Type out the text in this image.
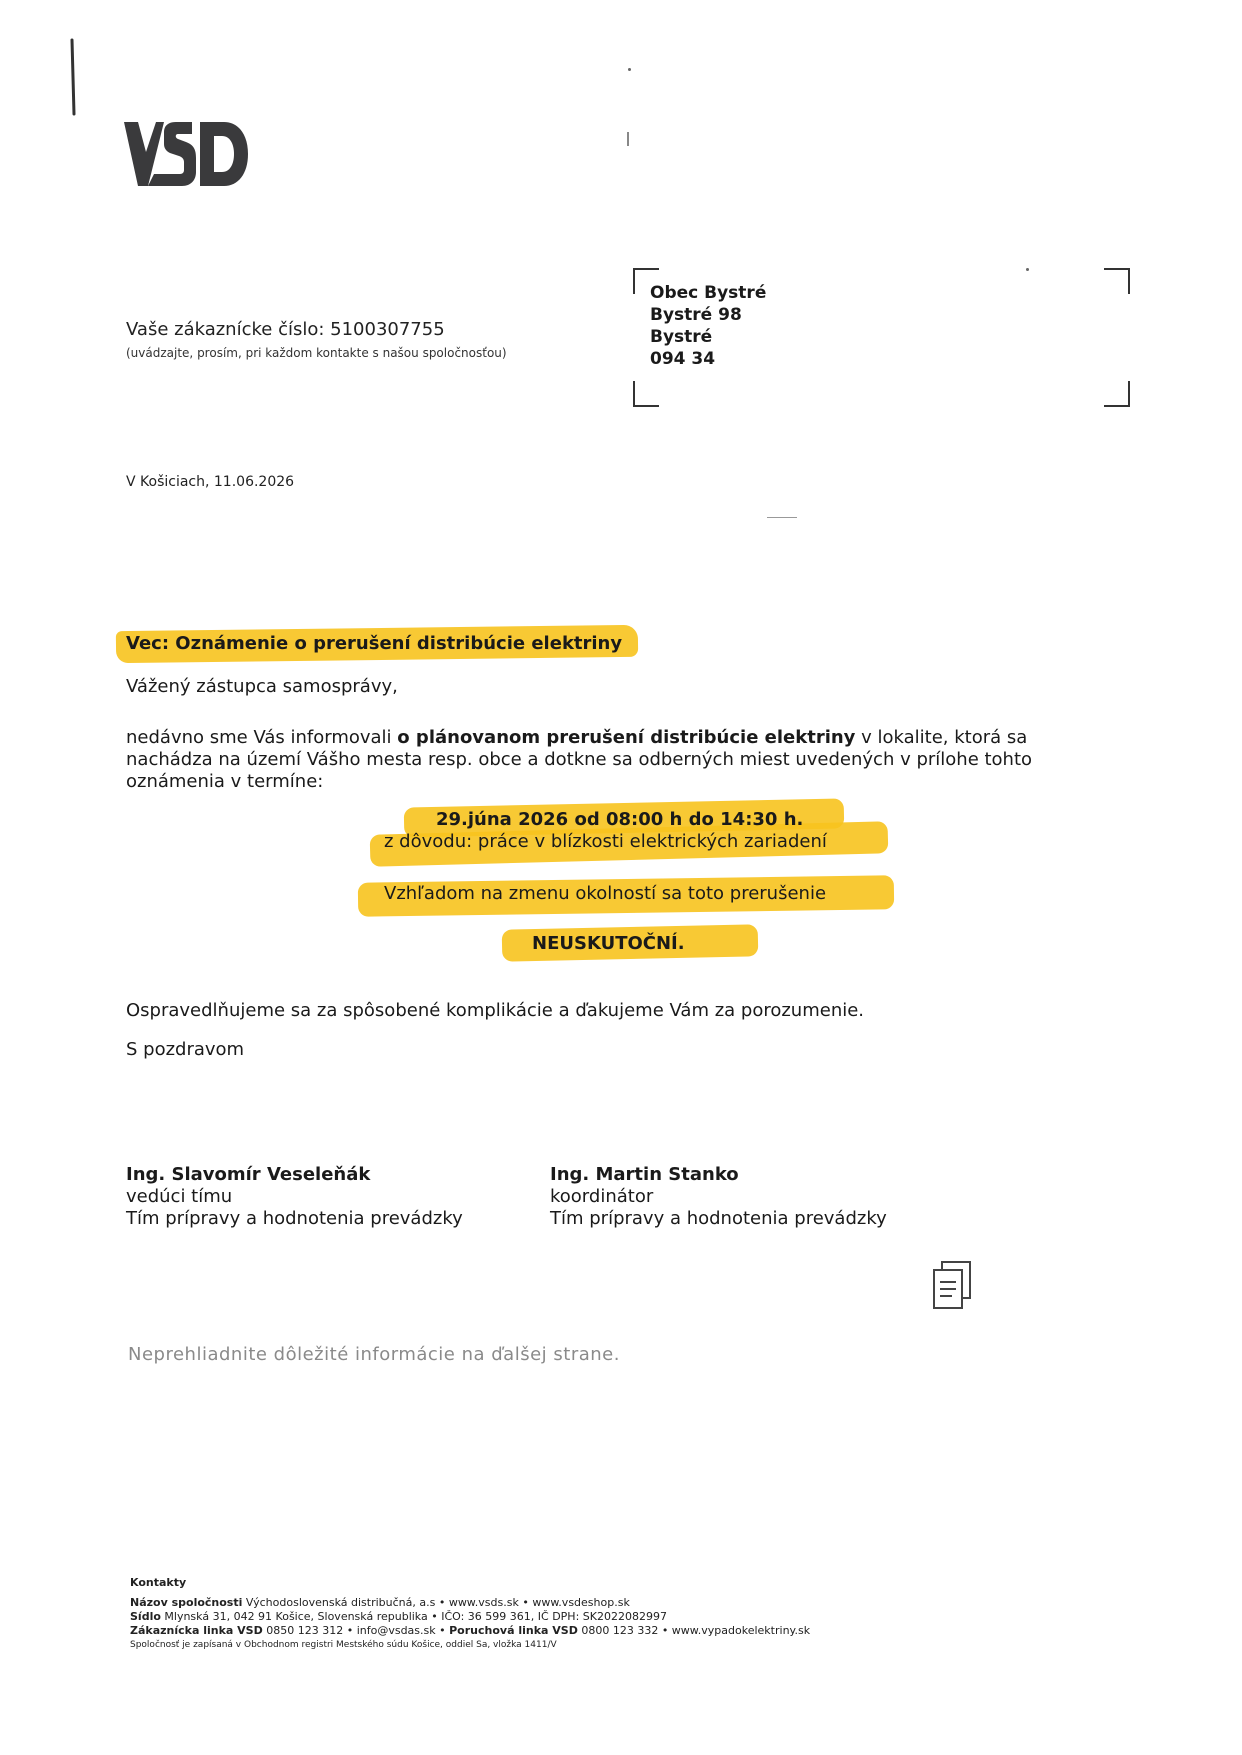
Vaše zákaznícke číslo: 5100307755
(uvádzajte, prosím, pri každom kontakte s našou spoločnosťou)
Obec Bystré
Bystré 98
Bystré
094 34
V Košiciach, 11.06.2026
Vec: Oznámenie o prerušení distribúcie elektriny
Vážený zástupca samosprávy,
nedávno sme Vás informovali o plánovanom prerušení distribúcie elektriny v lokalite, ktorá sa nachádza na území Vášho mesta resp. obce a dotkne sa odberných miest uvedených v prílohe tohto oznámenia v termíne:
29.júna 2026 od 08:00 h do 14:30 h.
z dôvodu: práce v blízkosti elektrických zariadení
Vzhľadom na zmenu okolností sa toto prerušenie
NEUSKUTOČNÍ.
Ospravedlňujeme sa za spôsobené komplikácie a ďakujeme Vám za porozumenie.
S pozdravom
Ing. Slavomír Veseleňák
vedúci tímu
Tím prípravy a hodnotenia prevádzky
Ing. Martin Stanko
koordinátor
Tím prípravy a hodnotenia prevádzky
Neprehliadnite dôležité informácie na ďalšej strane.
Kontakty
Názov spoločnosti Východoslovenská distribučná, a.s • www.vsds.sk • www.vsdeshop.sk
Sídlo Mlynská 31, 042 91 Košice, Slovenská republika • IČO: 36 599 361, IČ DPH: SK2022082997
Zákaznícka linka VSD 0850 123 312 • info@vsdas.sk • Poruchová linka VSD 0800 123 332 • www.vypadokelektriny.sk
Spoločnosť je zapísaná v Obchodnom registri Mestského súdu Košice, oddiel Sa, vložka 1411/V
